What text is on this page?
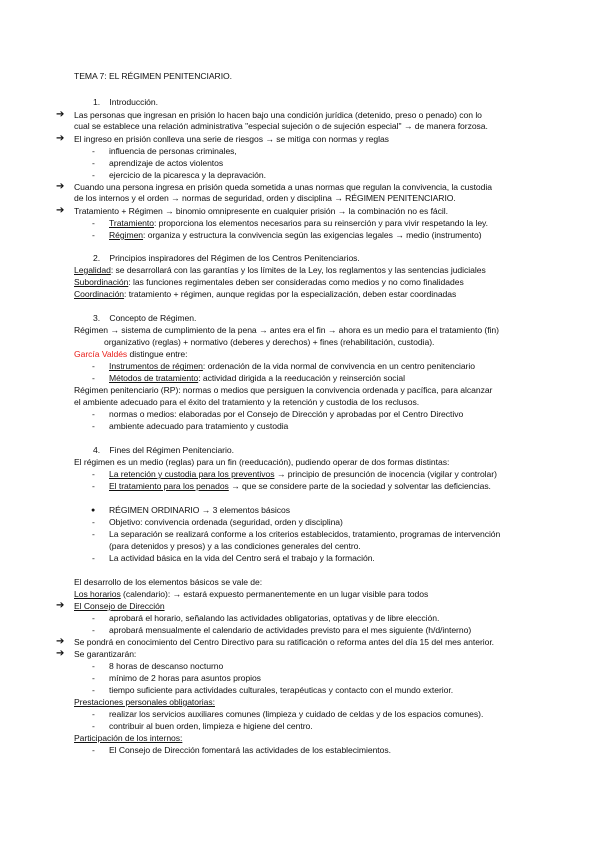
TEMA 7: EL RÉGIMEN PENITENCIARIO.
1.    Introducción.
➔ Las personas que ingresan en prisión lo hacen bajo una condición jurídica (detenido, preso o penado) con lo
cual se establece una relación administrativa "especial sujeción o de sujeción especial" → de manera forzosa.
➔ El ingreso en prisión conlleva una serie de riesgos → se mitiga con normas y reglas
- influencia de personas criminales,
- aprendizaje de actos violentos
- ejercicio de la picaresca y la depravación.
➔ Cuando una persona ingresa en prisión queda sometida a unas normas que regulan la convivencia, la custodia
de los internos y el orden → normas de seguridad, orden y disciplina → RÉGIMEN PENITENCIARIO.
➔ Tratamiento + Régimen → binomio omnipresente en cualquier prisión → la combinación no es fácil.
- Tratamiento: proporciona los elementos necesarios para su reinserción y para vivir respetando la ley.
- Régimen: organiza y estructura la convivencia según las exigencias legales → medio (instrumento)
2.    Principios inspiradores del Régimen de los Centros Penitenciarios.
Legalidad: se desarrollará con las garantías y los límites de la Ley, los reglamentos y las sentencias judiciales
Subordinación: las funciones regimentales deben ser consideradas como medios y no como finalidades
Coordinación: tratamiento + régimen, aunque regidas por la especialización, deben estar coordinadas
3.    Concepto de Régimen.
Régimen → sistema de cumplimiento de la pena → antes era el fin → ahora es un medio para el tratamiento (fin)
organizativo (reglas) + normativo (deberes y derechos) + fines (rehabilitación, custodia).
García Valdés distingue entre:
- Instrumentos de régimen: ordenación de la vida normal de convivencia en un centro penitenciario
- Métodos de tratamiento: actividad dirigida a la reeducación y reinserción social
Régimen penitenciario (RP): normas o medios que persiguen la convivencia ordenada y pacífica, para alcanzar
el ambiente adecuado para el éxito del tratamiento y la retención y custodia de los reclusos.
- normas o medios: elaboradas por el Consejo de Dirección y aprobadas por el Centro Directivo
- ambiente adecuado para tratamiento y custodia
4.    Fines del Régimen Penitenciario.
El régimen es un medio (reglas) para un fin (reeducación), pudiendo operar de dos formas distintas:
- La retención y custodia para los preventivos → principio de presunción de inocencia (vigilar y controlar)
- El tratamiento para los penados → que se considere parte de la sociedad y solventar las deficiencias.
● RÉGIMEN ORDINARIO → 3 elementos básicos
- Objetivo: convivencia ordenada (seguridad, orden y disciplina)
- La separación se realizará conforme a los criterios establecidos, tratamiento, programas de intervención
(para detenidos y presos) y a las condiciones generales del centro.
- La actividad básica en la vida del Centro será el trabajo y la formación.
El desarrollo de los elementos básicos se vale de:
Los horarios (calendario): → estará expuesto permanentemente en un lugar visible para todos
➔ El Consejo de Dirección
- aprobará el horario, señalando las actividades obligatorias, optativas y de libre elección.
- aprobará mensualmente el calendario de actividades previsto para el mes siguiente (h/d/interno)
➔ Se pondrá en conocimiento del Centro Directivo para su ratificación o reforma antes del día 15 del mes anterior.
➔ Se garantizarán:
- 8 horas de descanso nocturno
- mínimo de 2 horas para asuntos propios
- tiempo suficiente para actividades culturales, terapéuticas y contacto con el mundo exterior.
Prestaciones personales obligatorias:
- realizar los servicios auxiliares comunes (limpieza y cuidado de celdas y de los espacios comunes).
- contribuir al buen orden, limpieza e higiene del centro.
Participación de los internos:
- El Consejo de Dirección fomentará las actividades de los establecimientos.
